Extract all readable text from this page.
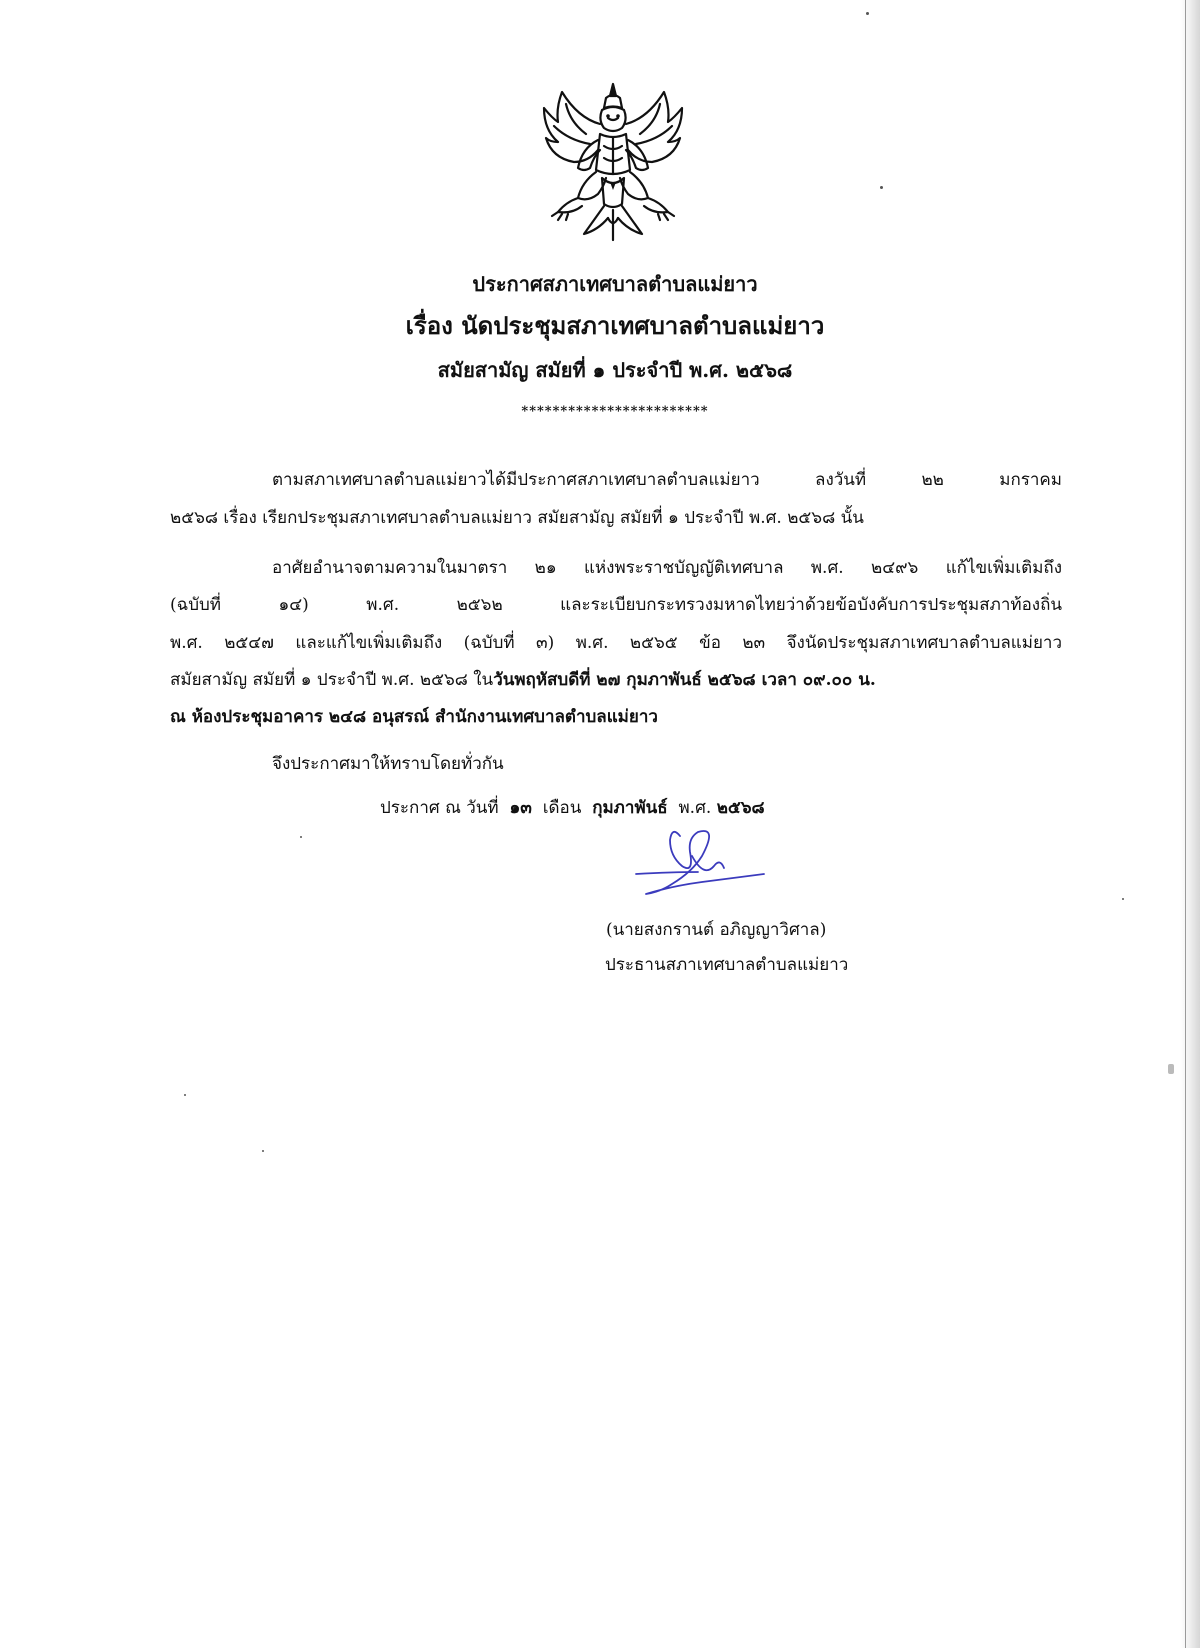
ประกาศสภาเทศบาลตำบลแม่ยาว
เรื่อง นัดประชุมสภาเทศบาลตำบลแม่ยาว
สมัยสามัญ สมัยที่ ๑ ประจำปี พ.ศ. ๒๕๖๘
************************
ตามสภาเทศบาลตำบลแม่ยาวได้มีประกาศสภาเทศบาลตำบลแม่ยาว ลงวันที่ ๒๒ มกราคม
๒๕๖๘ เรื่อง เรียกประชุมสภาเทศบาลตำบลแม่ยาว สมัยสามัญ สมัยที่ ๑ ประจำปี พ.ศ. ๒๕๖๘ นั้น
อาศัยอำนาจตามความในมาตรา ๒๑ แห่งพระราชบัญญัติเทศบาล พ.ศ. ๒๔๙๖ แก้ไขเพิ่มเติมถึง
(ฉบับที่ ๑๔) พ.ศ. ๒๕๖๒ และระเบียบกระทรวงมหาดไทยว่าด้วยข้อบังคับการประชุมสภาท้องถิ่น
พ.ศ. ๒๕๔๗ และแก้ไขเพิ่มเติมถึง (ฉบับที่ ๓) พ.ศ. ๒๕๖๕ ข้อ ๒๓ จึงนัดประชุมสภาเทศบาลตำบลแม่ยาว
สมัยสามัญ สมัยที่ ๑ ประจำปี พ.ศ. ๒๕๖๘ ในวันพฤหัสบดีที่ ๒๗ กุมภาพันธ์ ๒๕๖๘ เวลา ๐๙.๐๐ น.
ณ ห้องประชุมอาคาร ๒๔๘ อนุสรณ์ สำนักงานเทศบาลตำบลแม่ยาว
จึงประกาศมาให้ทราบโดยทั่วกัน
ประกาศ ณ วันที่ ๑๓ เดือน กุมภาพันธ์ พ.ศ. ๒๕๖๘
(นายสงกรานต์ อภิญญาวิศาล)
ประธานสภาเทศบาลตำบลแม่ยาว
